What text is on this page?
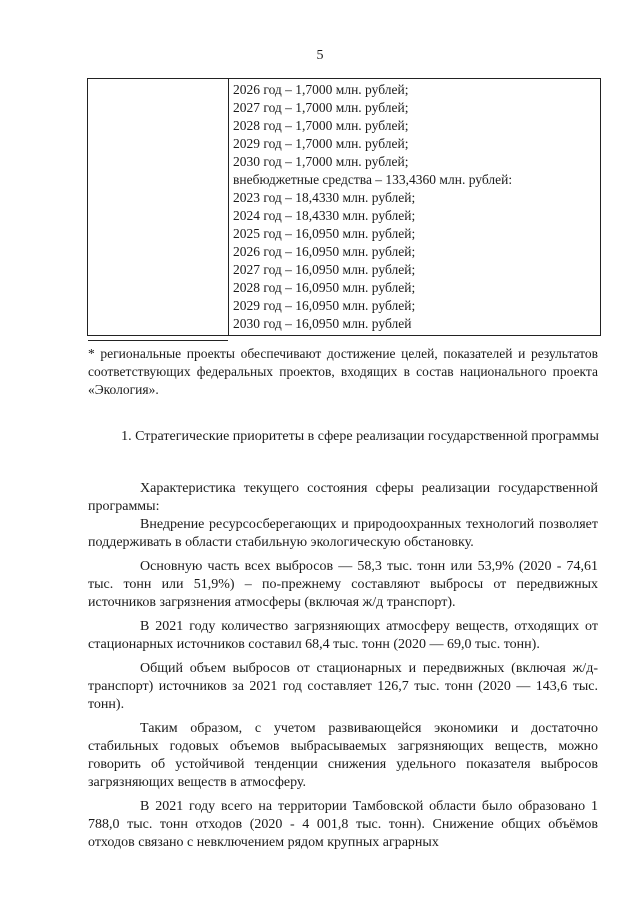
5

2026 год – 1,7000 млн. рублей;
2027 год – 1,7000 млн. рублей;
2028 год – 1,7000 млн. рублей;
2029 год – 1,7000 млн. рублей;
2030 год – 1,7000 млн. рублей;
внебюджетные средства – 133,4360 млн. рублей:
2023 год – 18,4330 млн. рублей;
2024 год – 18,4330 млн. рублей;
2025 год – 16,0950 млн. рублей;
2026 год – 16,0950 млн. рублей;
2027 год – 16,0950 млн. рублей;
2028 год – 16,0950 млн. рублей;
2029 год – 16,0950 млн. рублей;
2030 год – 16,0950 млн. рублей
* региональные проекты обеспечивают достижение целей, показателей и результатов соответствующих федеральных проектов, входящих в состав национального проекта «Экология».
1. Стратегические приоритеты в сфере реализации государственной программы

Характеристика текущего состояния сферы реализации государственной программы:

Внедрение ресурсосберегающих и природоохранных технологий позволяет поддерживать в области стабильную экологическую обстановку.

Основную часть всех выбросов — 58,3 тыс. тонн или 53,9% (2020 - 74,61 тыс. тонн или 51,9%) – по-прежнему составляют выбросы от передвижных источников загрязнения атмосферы (включая ж/д транспорт).

В 2021 году количество загрязняющих атмосферу веществ, отходящих от стационарных источников составил 68,4 тыс. тонн (2020 — 69,0 тыс. тонн).

Общий объем выбросов от стационарных и передвижных (включая ж/д-транспорт) источников за 2021 год составляет 126,7 тыс. тонн (2020 — 143,6 тыс. тонн).

Таким образом, с учетом развивающейся экономики и достаточно стабильных годовых объемов выбрасываемых загрязняющих веществ, можно говорить об устойчивой тенденции снижения удельного показателя выбросов загрязняющих веществ в атмосферу.

В 2021 году всего на территории Тамбовской области было образовано 1 788,0 тыс. тонн отходов (2020 - 4 001,8 тыс. тонн). Снижение общих объёмов отходов связано с невключением рядом крупных аграрных
